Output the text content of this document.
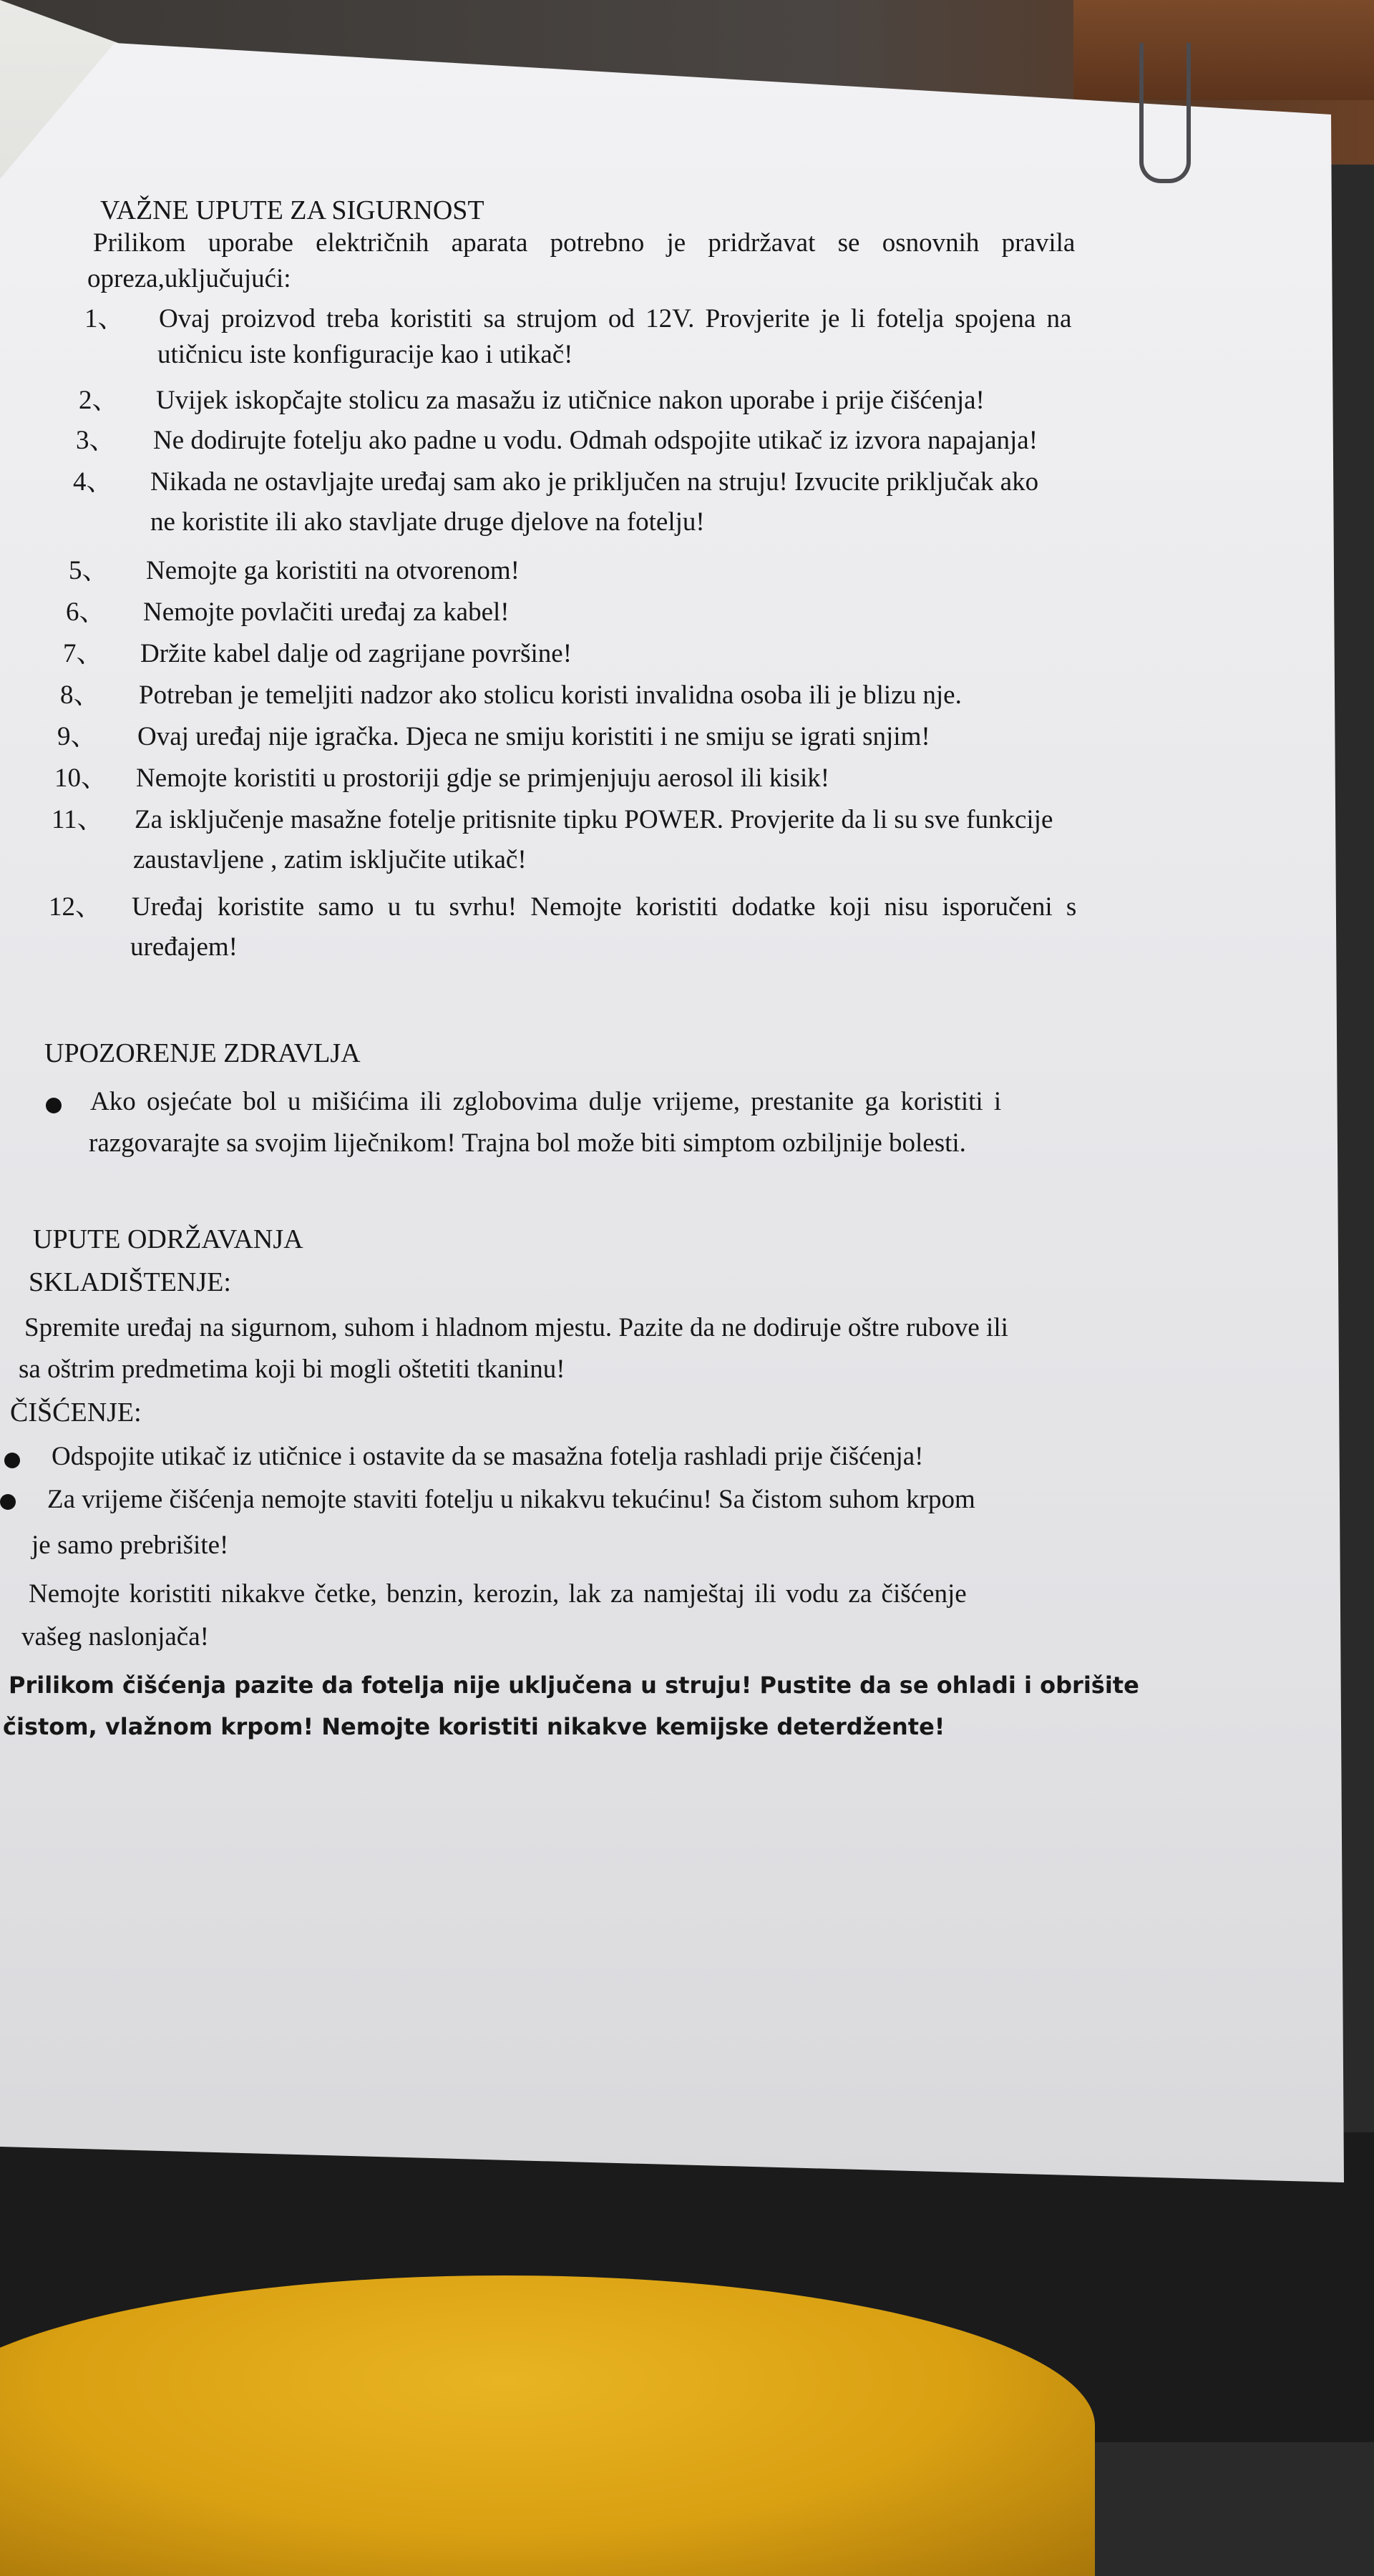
VAŽNE UPUTE ZA SIGURNOST

Prilikom uporabe električnih aparata potrebno je pridržavat se osnovnih pravila

opreza,uključujući:

1、 Ovaj proizvod treba koristiti sa strujom od 12V. Provjerite je li fotelja spojena na

utičnicu iste konfiguracije kao i utikač!

2、 Uvijek iskopčajte stolicu za masažu iz utičnice nakon uporabe i prije čišćenja!

3、 Ne dodirujte fotelju ako padne u vodu. Odmah odspojite utikač iz izvora napajanja!

4、 Nikada ne ostavljajte uređaj sam ako je priključen na struju! Izvucite priključak ako

ne koristite ili ako stavljate druge djelove na fotelju!

5、 Nemojte ga koristiti na otvorenom!

6、 Nemojte povlačiti uređaj za kabel!

7、 Držite kabel dalje od zagrijane površine!

8、 Potreban je temeljiti nadzor ako stolicu koristi invalidna osoba ili je blizu nje.

9、 Ovaj uređaj nije igračka. Djeca ne smiju koristiti i ne smiju se igrati snjim!

10、 Nemojte koristiti u prostoriji gdje se primjenjuju aerosol ili kisik!

11、 Za isključenje masažne fotelje pritisnite tipku POWER. Provjerite da li su sve funkcije

zaustavljene , zatim isključite utikač!

12、 Uređaj koristite samo u tu svrhu! Nemojte koristiti dodatke koji nisu isporučeni s

uređajem!

UPOZORENJE ZDRAVLJA

Ako osjećate bol u mišićima ili zglobovima dulje vrijeme, prestanite ga koristiti i

razgovarajte sa svojim liječnikom! Trajna bol može biti simptom ozbiljnije bolesti.

UPUTE ODRŽAVANJA

SKLADIŠTENJE:

Spremite uređaj na sigurnom, suhom i hladnom mjestu. Pazite da ne dodiruje oštre rubove ili

sa oštrim predmetima koji bi mogli oštetiti tkaninu!

ČIŠĆENJE:

Odspojite utikač iz utičnice i ostavite da se masažna fotelja rashladi prije čišćenja!

Za vrijeme čišćenja nemojte staviti fotelju u nikakvu tekućinu! Sa čistom suhom krpom

je samo prebrišite!

Nemojte koristiti nikakve četke, benzin, kerozin, lak za namještaj ili vodu za čišćenje

vašeg naslonjača!

Prilikom čišćenja pazite da fotelja nije uključena u struju! Pustite da se ohladi i obrišite

čistom, vlažnom krpom! Nemojte koristiti nikakve kemijske deterdžente!
